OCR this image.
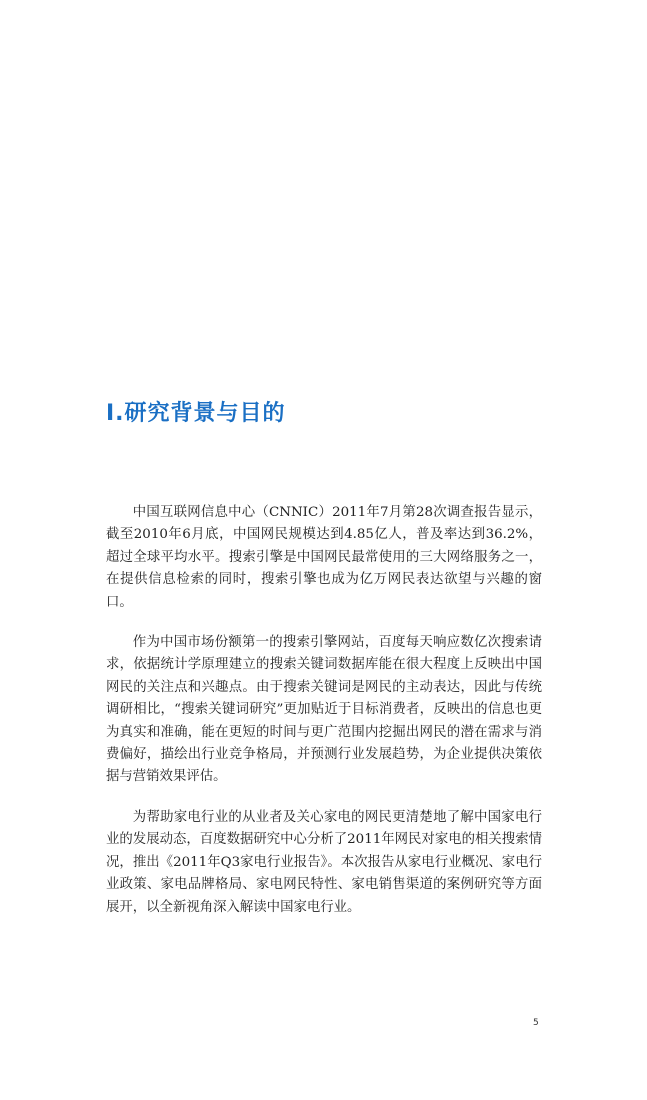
I.研究背景与目的

中国互联网信息中心（CNNIC）2011年7月第28次调查报告显示，截至2010年6月底，中国网民规模达到4.85亿人，普及率达到36.2%，超过全球平均水平。搜索引擎是中国网民最常使用的三大网络服务之一，在提供信息检索的同时，搜索引擎也成为亿万网民表达欲望与兴趣的窗口。

作为中国市场份额第一的搜索引擎网站，百度每天响应数亿次搜索请求，依据统计学原理建立的搜索关键词数据库能在很大程度上反映出中国网民的关注点和兴趣点。由于搜索关键词是网民的主动表达，因此与传统调研相比，“搜索关键词研究”更加贴近于目标消费者，反映出的信息也更为真实和准确，能在更短的时间与更广范围内挖掘出网民的潜在需求与消费偏好，描绘出行业竞争格局，并预测行业发展趋势，为企业提供决策依据与营销效果评估。

为帮助家电行业的从业者及关心家电的网民更清楚地了解中国家电行业的发展动态，百度数据研究中心分析了2011年网民对家电的相关搜索情况，推出《2011年Q3家电行业报告》。本次报告从家电行业概况、家电行业政策、家电品牌格局、家电网民特性、家电销售渠道的案例研究等方面展开，以全新视角深入解读中国家电行业。

5
